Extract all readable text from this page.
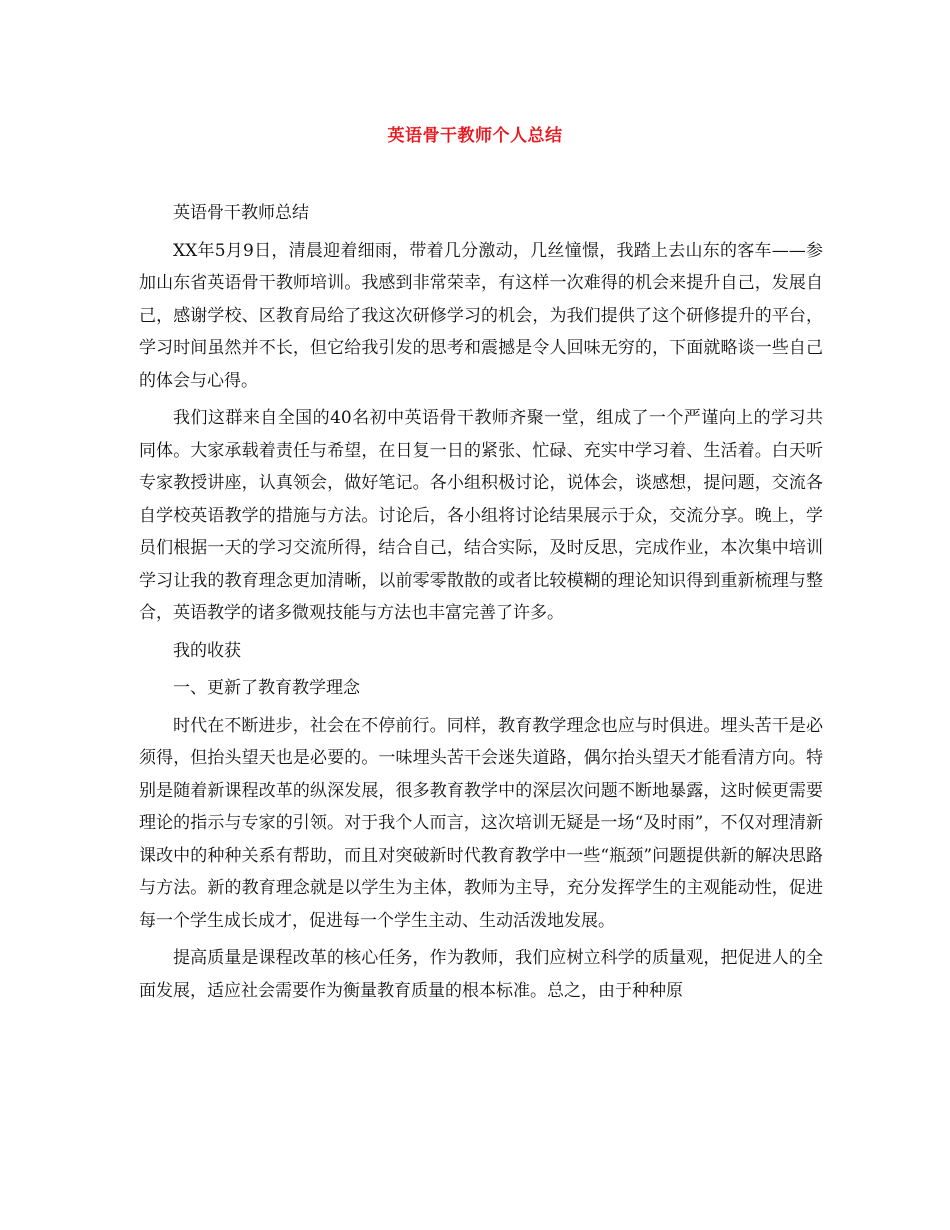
英语骨干教师个人总结

英语骨干教师总结

XX年5月9日，清晨迎着细雨，带着几分激动，几丝憧憬，我踏上去山东的客车——参加山东省英语骨干教师培训。我感到非常荣幸，有这样一次难得的机会来提升自己，发展自己，感谢学校、区教育局给了我这次研修学习的机会，为我们提供了这个研修提升的平台，学习时间虽然并不长，但它给我引发的思考和震撼是令人回味无穷的，下面就略谈一些自己的体会与心得。

我们这群来自全国的40名初中英语骨干教师齐聚一堂，组成了一个严谨向上的学习共同体。大家承载着责任与希望，在日复一日的紧张、忙碌、充实中学习着、生活着。白天听专家教授讲座，认真领会，做好笔记。各小组积极讨论，说体会，谈感想，提问题，交流各自学校英语教学的措施与方法。讨论后，各小组将讨论结果展示于众，交流分享。晚上，学员们根据一天的学习交流所得，结合自己，结合实际，及时反思，完成作业，本次集中培训学习让我的教育理念更加清晰，以前零零散散的或者比较模糊的理论知识得到重新梳理与整合，英语教学的诸多微观技能与方法也丰富完善了许多。

我的收获

一、更新了教育教学理念

时代在不断进步，社会在不停前行。同样，教育教学理念也应与时俱进。埋头苦干是必须得，但抬头望天也是必要的。一味埋头苦干会迷失道路，偶尔抬头望天才能看清方向。特别是随着新课程改革的纵深发展，很多教育教学中的深层次问题不断地暴露，这时候更需要理论的指示与专家的引领。对于我个人而言，这次培训无疑是一场“及时雨”，不仅对理清新课改中的种种关系有帮助，而且对突破新时代教育教学中一些“瓶颈”问题提供新的解决思路与方法。新的教育理念就是以学生为主体，教师为主导，充分发挥学生的主观能动性，促进每一个学生成长成才，促进每一个学生主动、生动活泼地发展。

提高质量是课程改革的核心任务，作为教师，我们应树立科学的质量观，把促进人的全面发展，适应社会需要作为衡量教育质量的根本标准。总之，由于种种原
